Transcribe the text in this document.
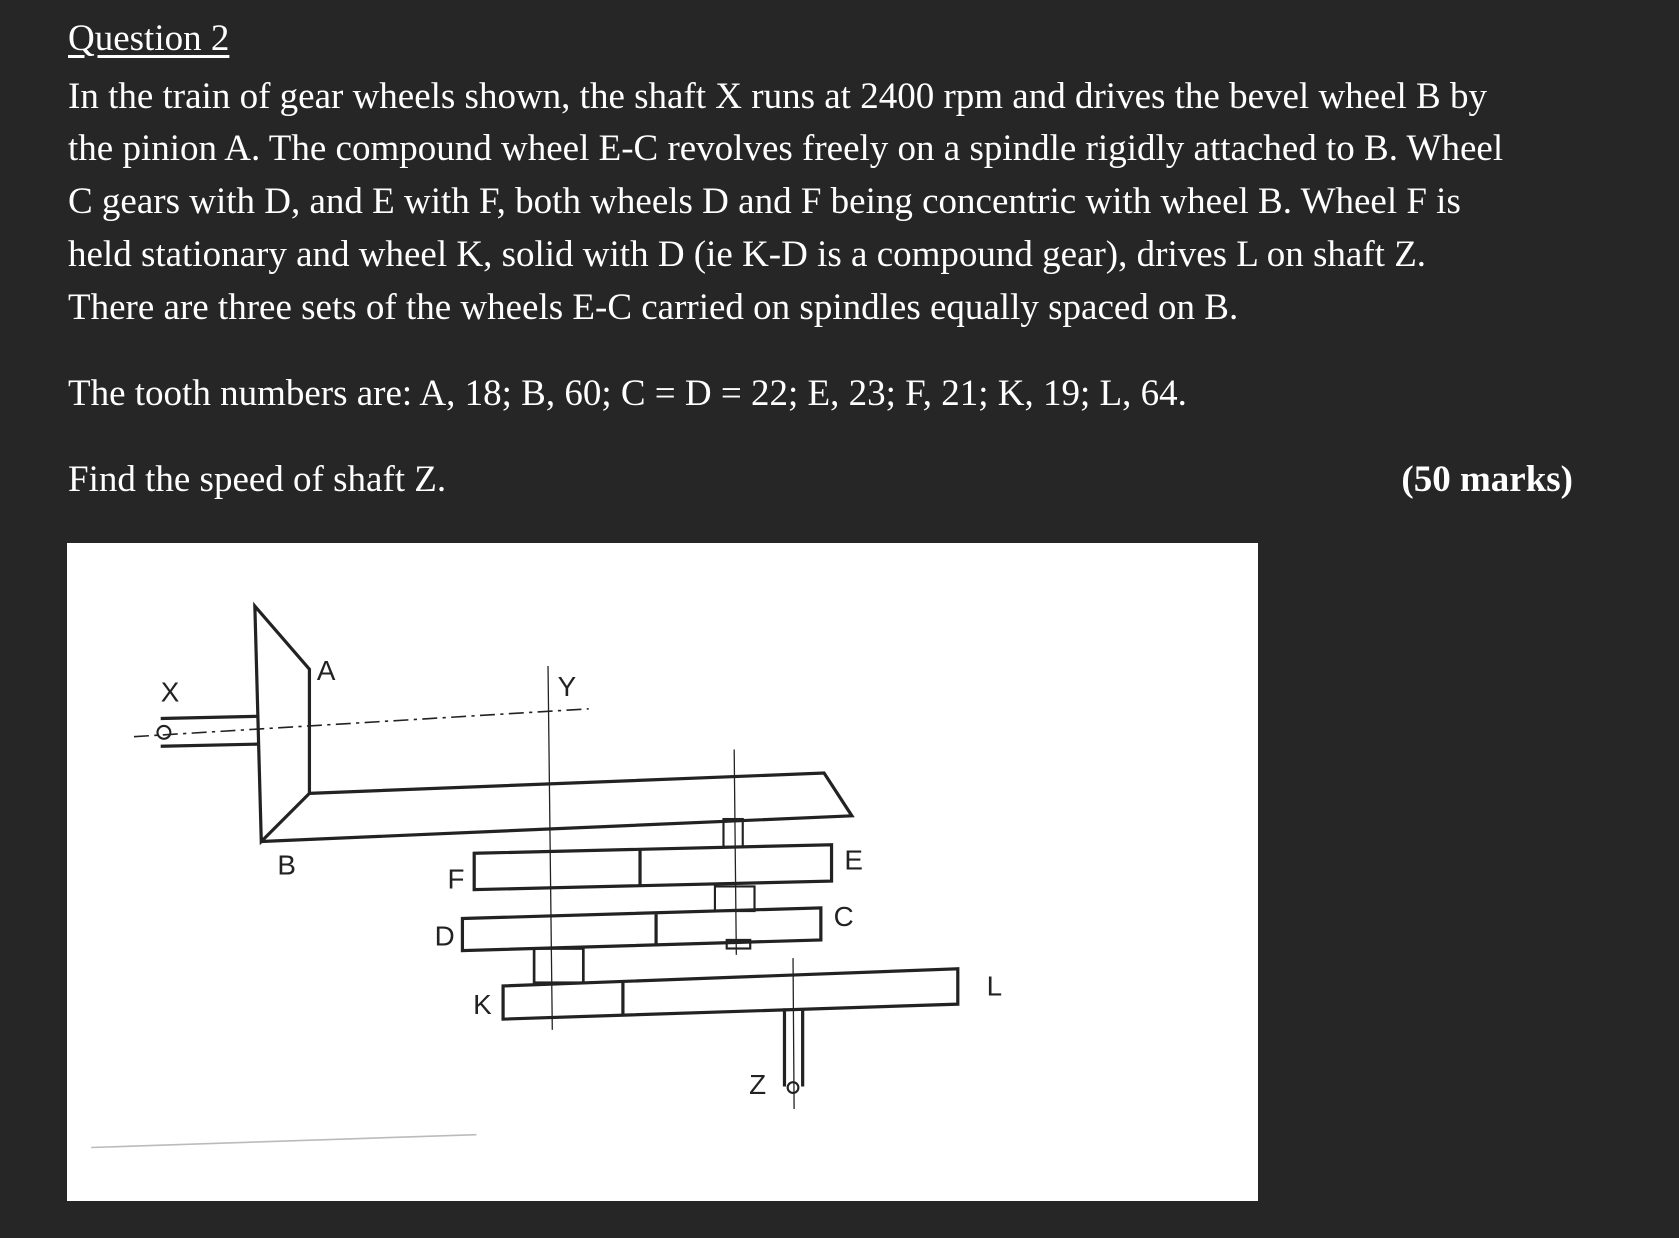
Question 2
In the train of gear wheels shown, the shaft X runs at 2400 rpm and drives the bevel wheel B by
the pinion A. The compound wheel E-C revolves freely on a spindle rigidly attached to B. Wheel
C gears with D, and E with F, both wheels D and F being concentric with wheel B. Wheel F is
held stationary and wheel K, solid with D (ie K-D is a compound gear), drives L on shaft Z.
There are three sets of the wheels E-C carried on spindles equally spaced on B.
The tooth numbers are: A, 18; B, 60; C = D = 22; E, 23; F, 21; K, 19; L, 64.
Find the speed of shaft Z.	(50 marks)
X
A
Y
B	F
E
D
C
K
L
Z
